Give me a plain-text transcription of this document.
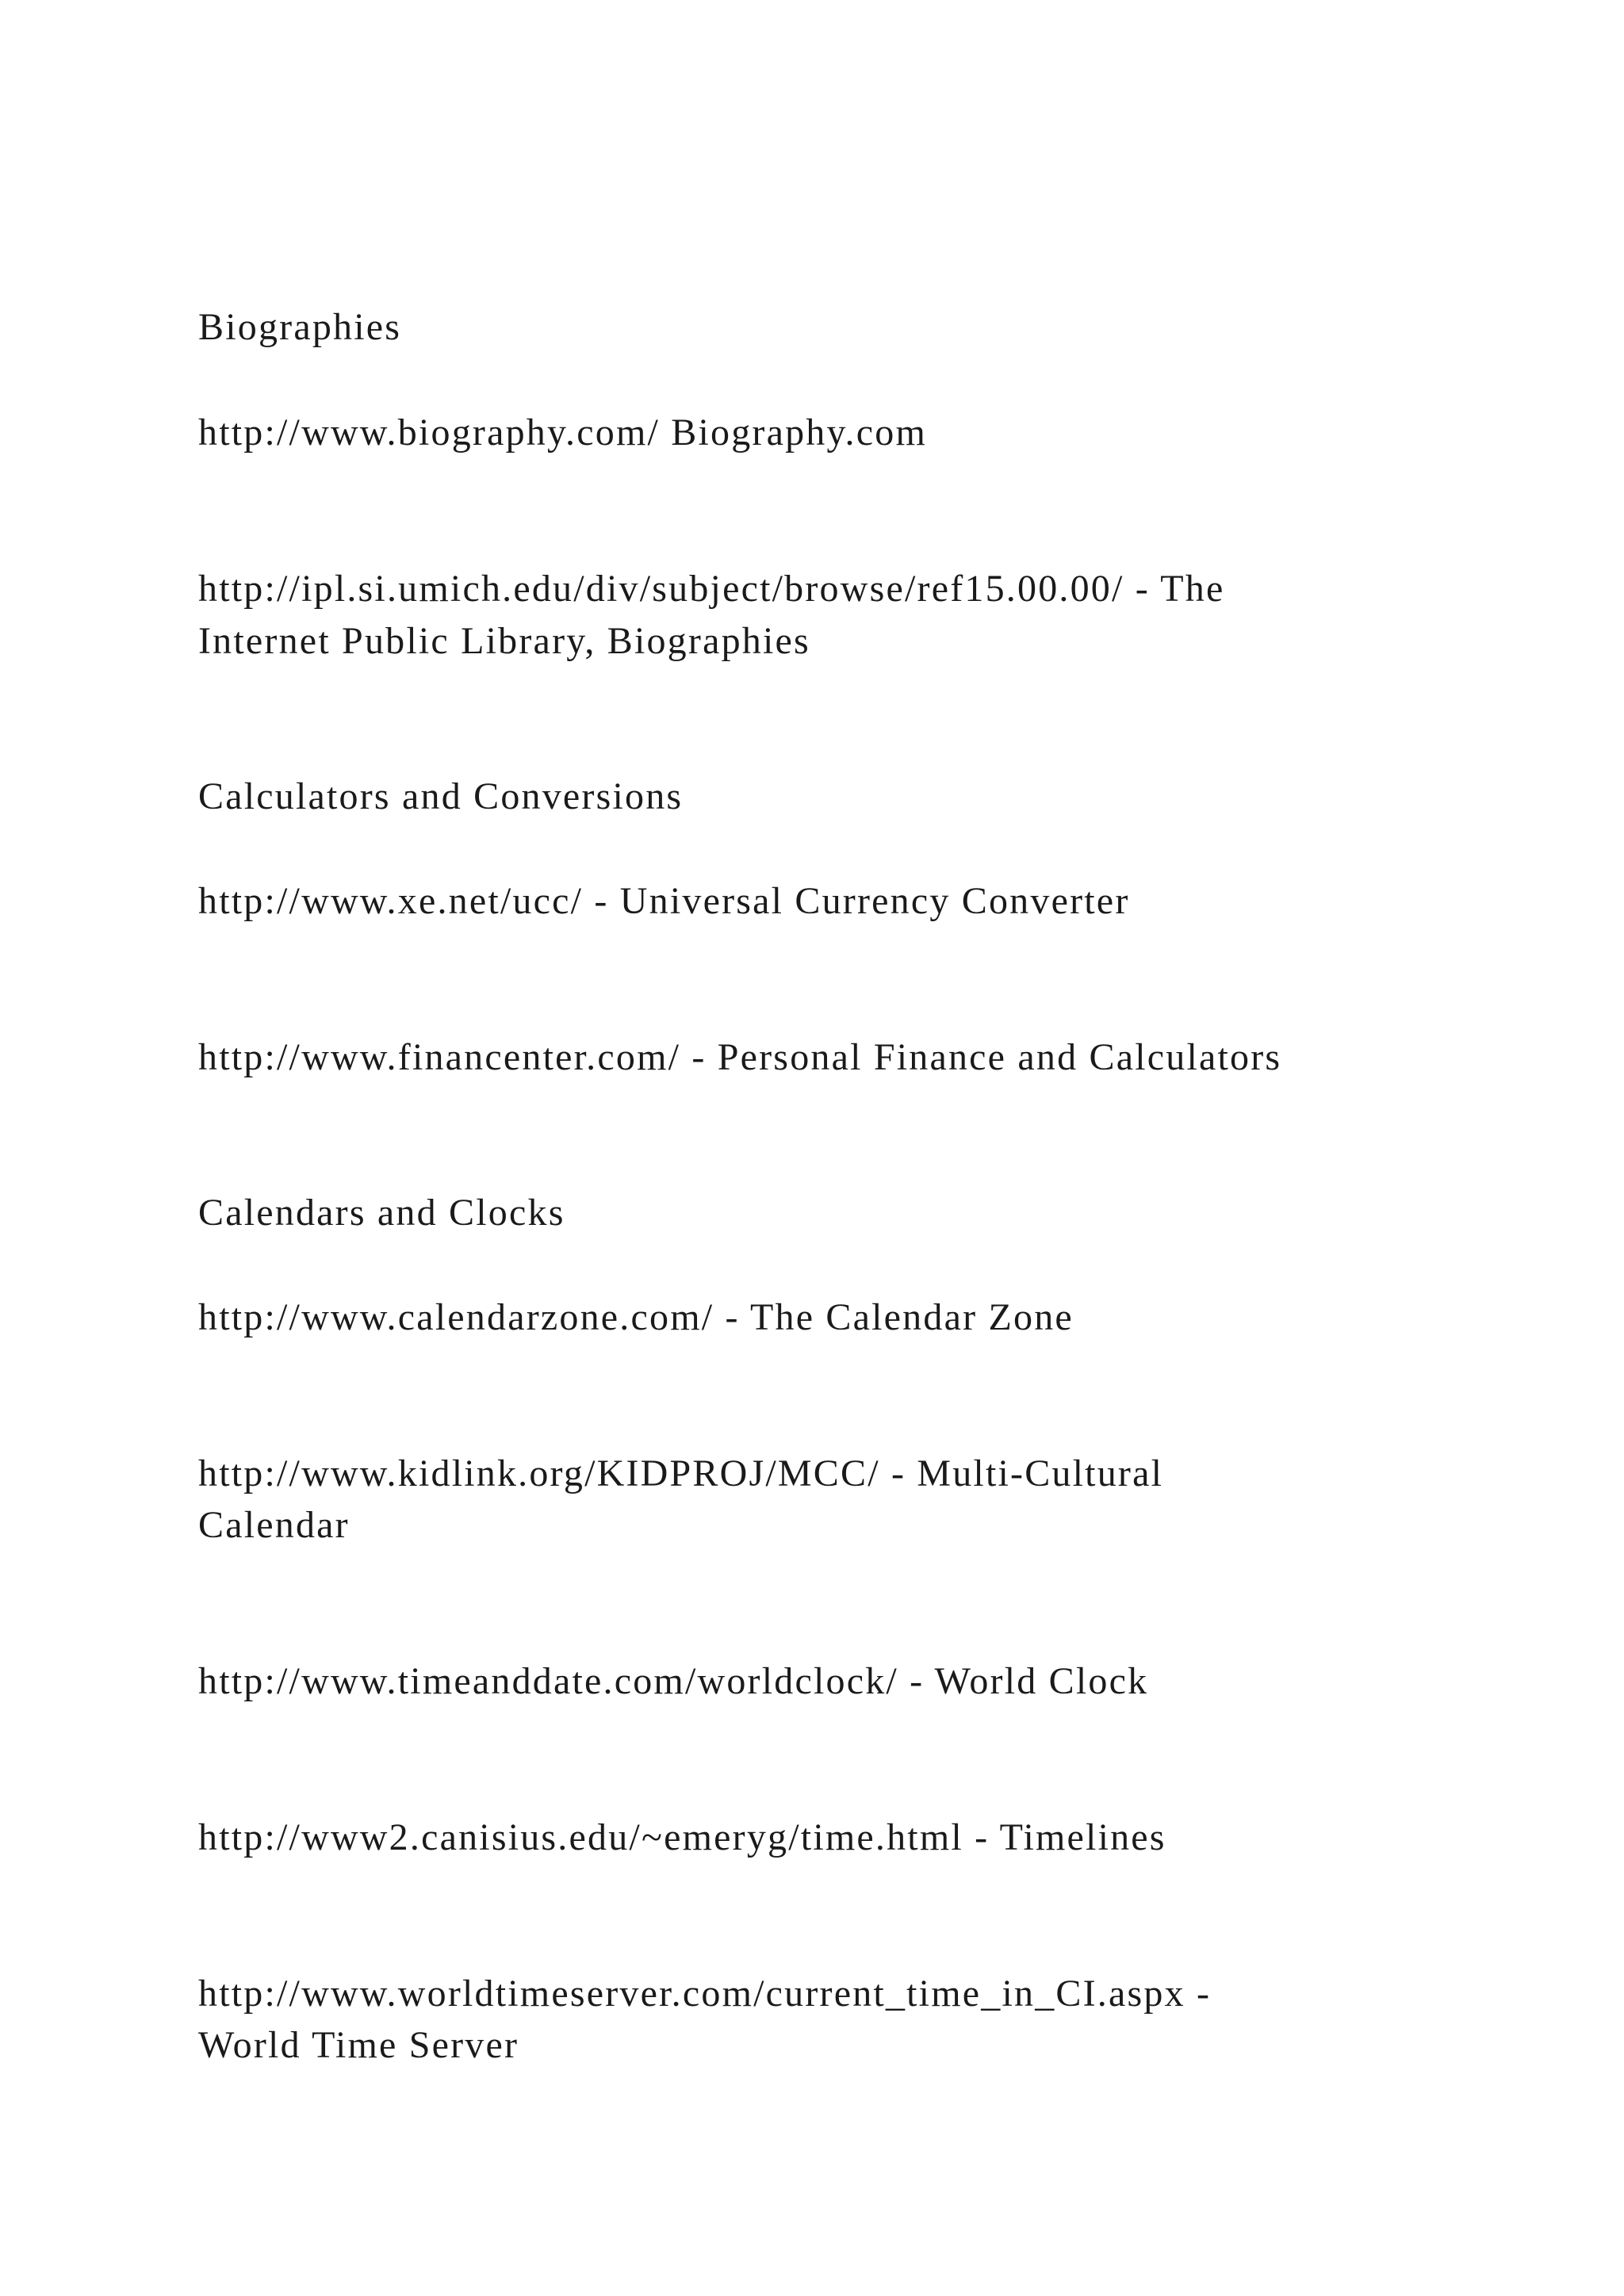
Biographies

http://www.biography.com/ Biography.com

http://ipl.si.umich.edu/div/subject/browse/ref15.00.00/ - The

Internet Public Library, Biographies

Calculators and Conversions

http://www.xe.net/ucc/ - Universal Currency Converter

http://www.financenter.com/ - Personal Finance and Calculators

Calendars and Clocks

http://www.calendarzone.com/ - The Calendar Zone

http://www.kidlink.org/KIDPROJ/MCC/ - Multi-Cultural

Calendar

http://www.timeanddate.com/worldclock/ - World Clock

http://www2.canisius.edu/~emeryg/time.html - Timelines

http://www.worldtimeserver.com/current_time_in_CI.aspx -

World Time Server
